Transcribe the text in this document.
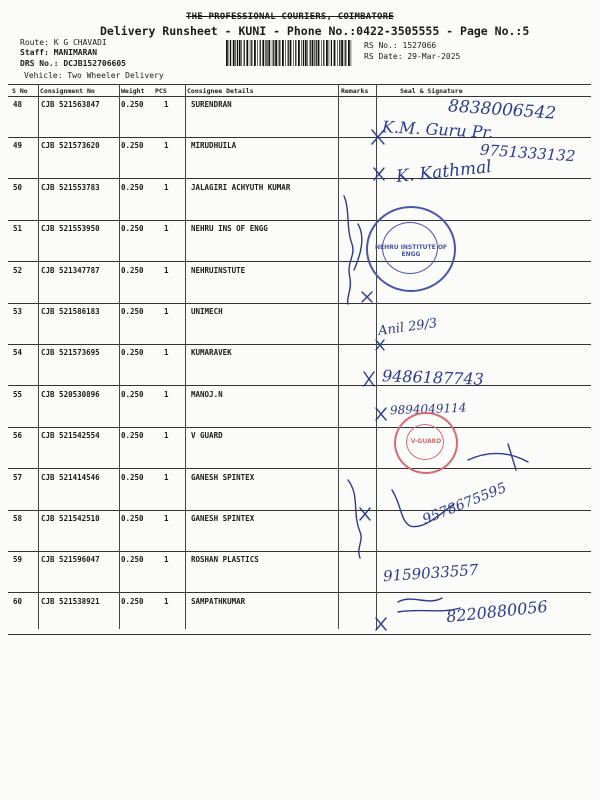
THE PROFESSIONAL COURIERS, COIMBATORE
Delivery Runsheet - KUNI - Phone No.:0422-3505555 - Page No.:5
Route: K G CHAVADI
Staff: MANIMARAN
DRS No.: DCJB152706605
Vehicle: Two Wheeler Delivery
RS No.: 1527066
RS Date: 29-Mar-2025
S No Consignment No	Weight PCS	Consignee Details	Remarks	Seal & Signature
48	CJB 521563847	0.250	1	SURENDRAN
49	CJB 521573620	0.250	1	MIRUDHUILA
50	CJB 521553783	0.250	1	JALAGIRI ACHYUTH KUMAR
51	CJB 521553950	0.250	1	NEHRU INS OF ENGG
52	CJB 521347787	0.250	1	NEHRUINSTUTE
53	CJB 521586183	0.250	1	UNIMECH
54	CJB 521573695	0.250	1	KUMARAVEK
55	CJB 520530896	0.250	1	MANOJ.N
56	CJB 521542554	0.250	1	V GUARD
57	CJB 521414546	0.250	1	GANESH SPINTEX
58	CJB 521542510	0.250	1	GANESH SPINTEX
59	CJB 521596047	0.250	1	ROSHAN PLASTICS
60	CJB 521538921	0.250	1	SAMPATHKUMAR
8838006542
K.M. Guru Pr.
9751333132
K. Kathmal
Anil 29/3
9486187743
9894049114
9578675595
9159033557
8220880056
NEHRU INSTITUTE OF ENGG
V-GUARD
